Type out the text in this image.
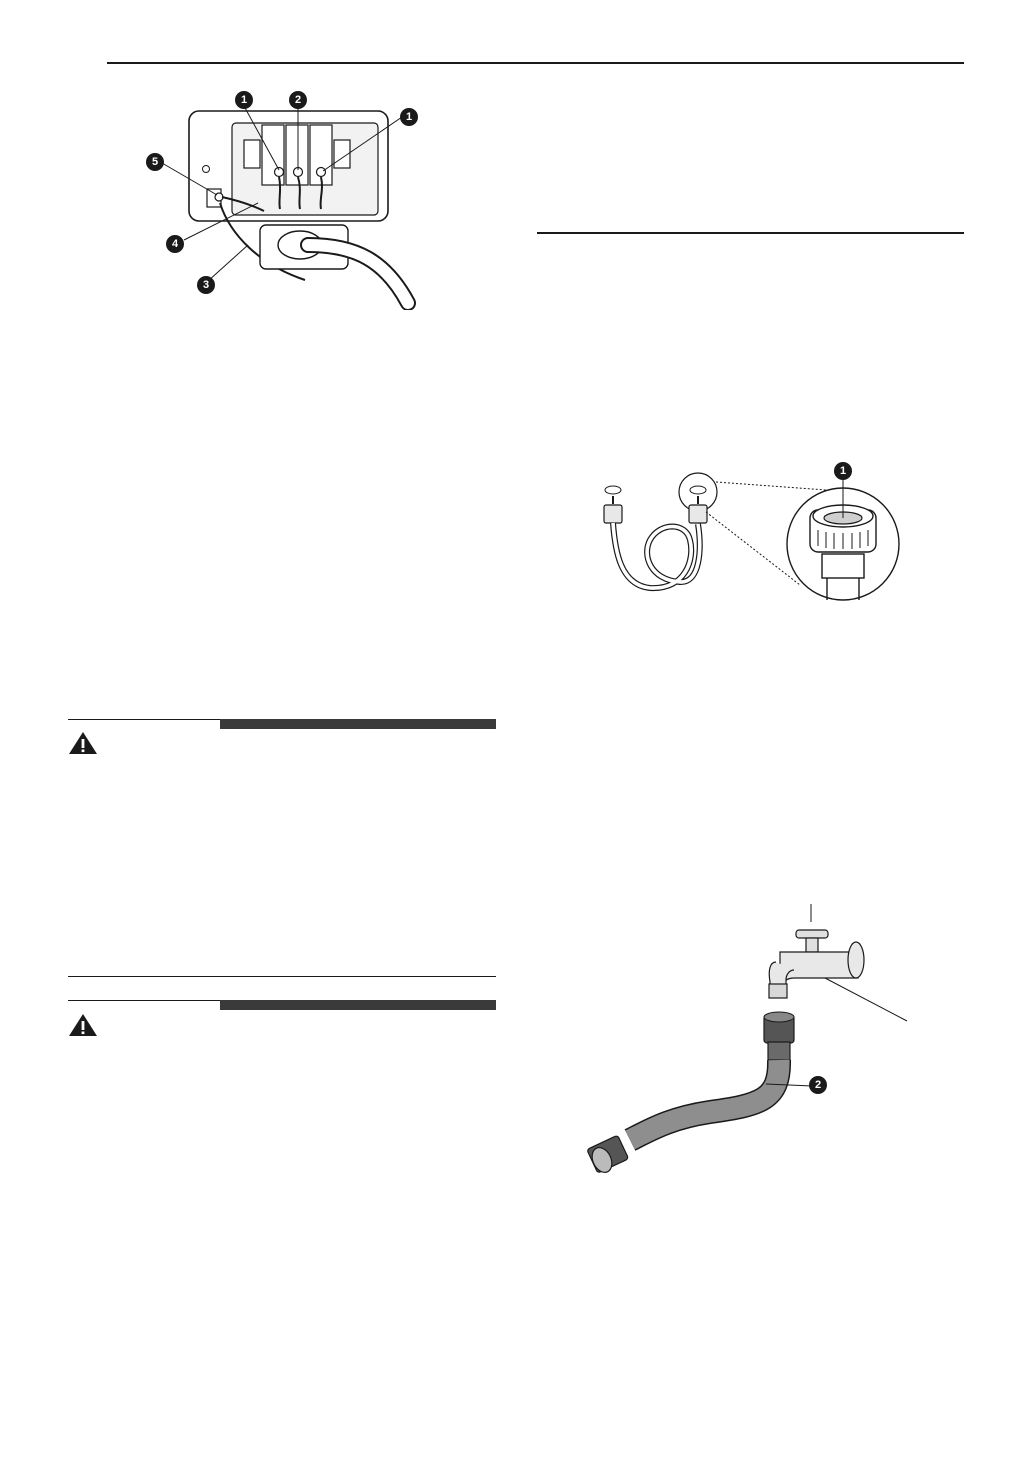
1	2
1
5
4
3
1
2
